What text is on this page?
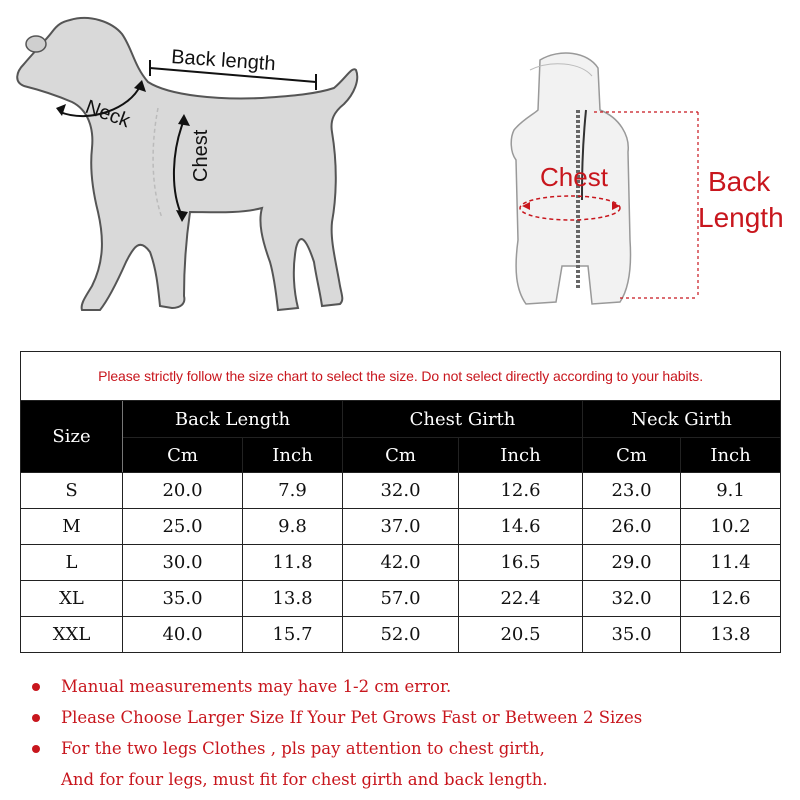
Back length
Neck
Chest	Chest	Back
Length
Please strictly follow the size chart to select the size. Do not select directly according to your habits.						
Size	Back Length		Chest Girth		Neck Girth	
	Cm	Inch	Cm	Inch	Cm	Inch
S	20.0	7.9	32.0	12.6	23.0	9.1
M	25.0	9.8	37.0	14.6	26.0	10.2
L	30.0	11.8	42.0	16.5	29.0	11.4
XL	35.0	13.8	57.0	22.4	32.0	12.6
XXL	40.0	15.7	52.0	20.5	35.0	13.8
Manual measurements may have 1-2 cm error.
Please Choose Larger Size If Your Pet Grows Fast or Between 2 Sizes
For the two legs Clothes , pls pay attention to chest girth,
And for four legs, must fit for chest girth and back length.
